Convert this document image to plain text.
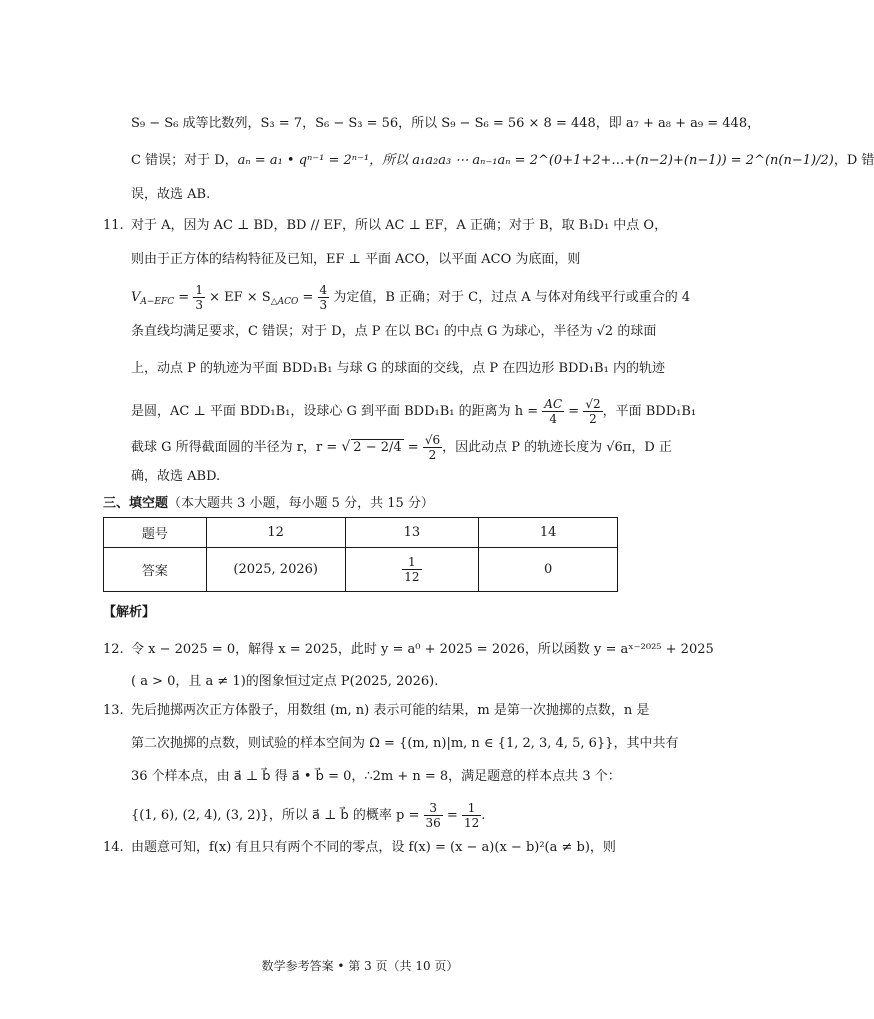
S₉ − S₆ 成等比数列，S₃ = 7，S₆ − S₃ = 56，所以 S₉ − S₆ = 56 × 8 = 448，即 a₇ + a₈ + a₉ = 448，
C 错误；对于 D，aₙ = a₁ • qⁿ⁻¹ = 2ⁿ⁻¹，所以 a₁a₂a₃ ⋯ aₙ₋₁aₙ = 2^(0+1+2+…+(n−2)+(n−1)) = 2^(n(n−1)/2)，D 错
误，故选 AB.
11. 对于 A，因为 AC ⊥ BD，BD // EF，所以 AC ⊥ EF，A 正确；对于 B，取 B₁D₁ 中点 O，
则由于正方体的结构特征及已知，EF ⊥ 平面 ACO，以平面 ACO 为底面，则
$V_{A-EFC} = \frac{1}{3}$ × EF × $S_{\triangle ACO} = \frac{4}{3}$ 为定值，B 正确；对于 C，过点 A 与体对角线平行或重合的 4
条直线均满足要求，C 错误；对于 D，点 P 在以 BC₁ 的中点 G 为球心，半径为 √2 的球面
上，动点 P 的轨迹为平面 BDD₁B₁ 与球 G 的球面的交线，点 P 在四边形 BDD₁B₁ 内的轨迹
是圆，AC ⊥ 平面 BDD₁B₁，设球心 G 到平面 BDD₁B₁ 的距离为 $h = \frac{AC}{4} = \frac{√2}{2}$ ，平面 BDD₁B₁
截球 G 所得截面圆的半径为 r，r = √ $2 - 2/4 = \frac{√6}{2}$ ，因此动点 P 的轨迹长度为 √6π，D 正
确，故选 ABD.
三、填空题（本大题共 3 小题，每小题 5 分，共 15 分）
题号	12	13	14
答案	(2025, 2026)	$\frac{1}{12}$	0
【解析】
12. 令 x − 2025 = 0，解得 x = 2025，此时 y = a⁰ + 2025 = 2026，所以函数 y = aˣ⁻²⁰²⁵ + 2025
( a > 0，且 a ≠ 1)的图象恒过定点 P(2025, 2026).
13. 先后抛掷两次正方体骰子，用数组 (m, n) 表示可能的结果，m 是第一次抛掷的点数，n 是
第二次抛掷的点数，则试验的样本空间为 Ω = {(m, n)|m, n ∈ {1, 2, 3, 4, 5, 6}}，其中共有
36 个样本点，由 a⃗ ⊥ b⃗ 得 a⃗ • b⃗ = 0，∴2m + n = 8，满足题意的样本点共 3 个：
{(1, 6), (2, 4), (3, 2)}，所以 a⃗ ⊥ b⃗ 的概率 $p = \frac{3}{36} = \frac{1}{12}$ .
14. 由题意可知，f(x) 有且只有两个不同的零点，设 f(x) = (x − a)(x − b)²(a ≠ b)，则
数学参考答案 • 第 3 页（共 10 页）
